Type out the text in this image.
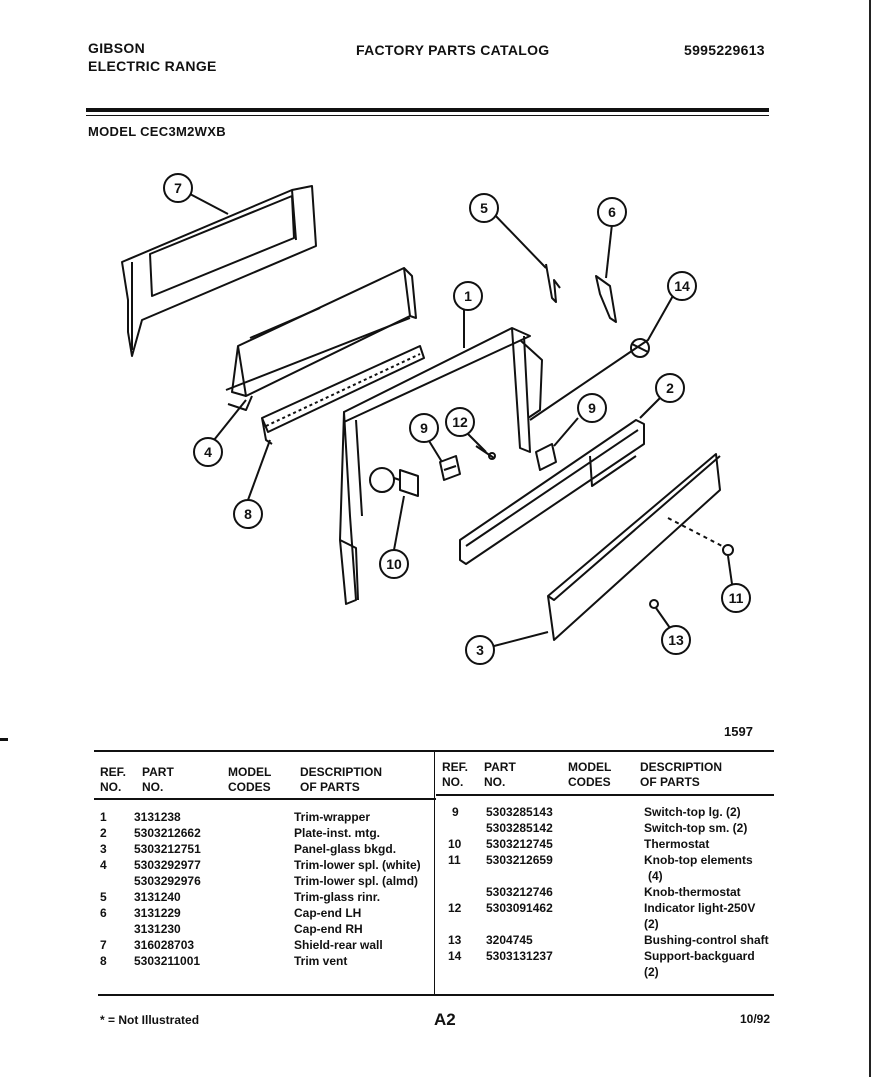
GIBSON
ELECTRIC RANGE
FACTORY PARTS CATALOG	5995229613
MODEL CEC3M2WXB
7
5	6
14
1
2
4
9 12
9
8
10
11
3
13
1597
REF.
NO.
PART
NO.
MODEL
CODES
DESCRIPTION
OF PARTS
REF.
NO.
PART
NO.
MODEL
CODES
DESCRIPTION
OF PARTS
1 3131238	Trim-wrapper
2 5303212662	Plate-inst. mtg.
3 5303212751	Panel-glass bkgd.
4 5303292977	Trim-lower spl. (white)
5303292976	Trim-lower spl. (almd)
5 3131240	Trim-glass rinr.
6 3131229	Cap-end LH
3131230	Cap-end RH
7 316028703	Shield-rear wall
8 5303211001	Trim vent
9 5303285143	Switch-top lg. (2)
5303285142	Switch-top sm. (2)
10 5303212745	Thermostat
11 5303212659	Knob-top elements
(4)
5303212746	Knob-thermostat
12 5303091462	Indicator light-250V
(2)
13 3204745	Bushing-control shaft
14 5303131237	Support-backguard
(2)
* = Not Illustrated	A2	10/92
